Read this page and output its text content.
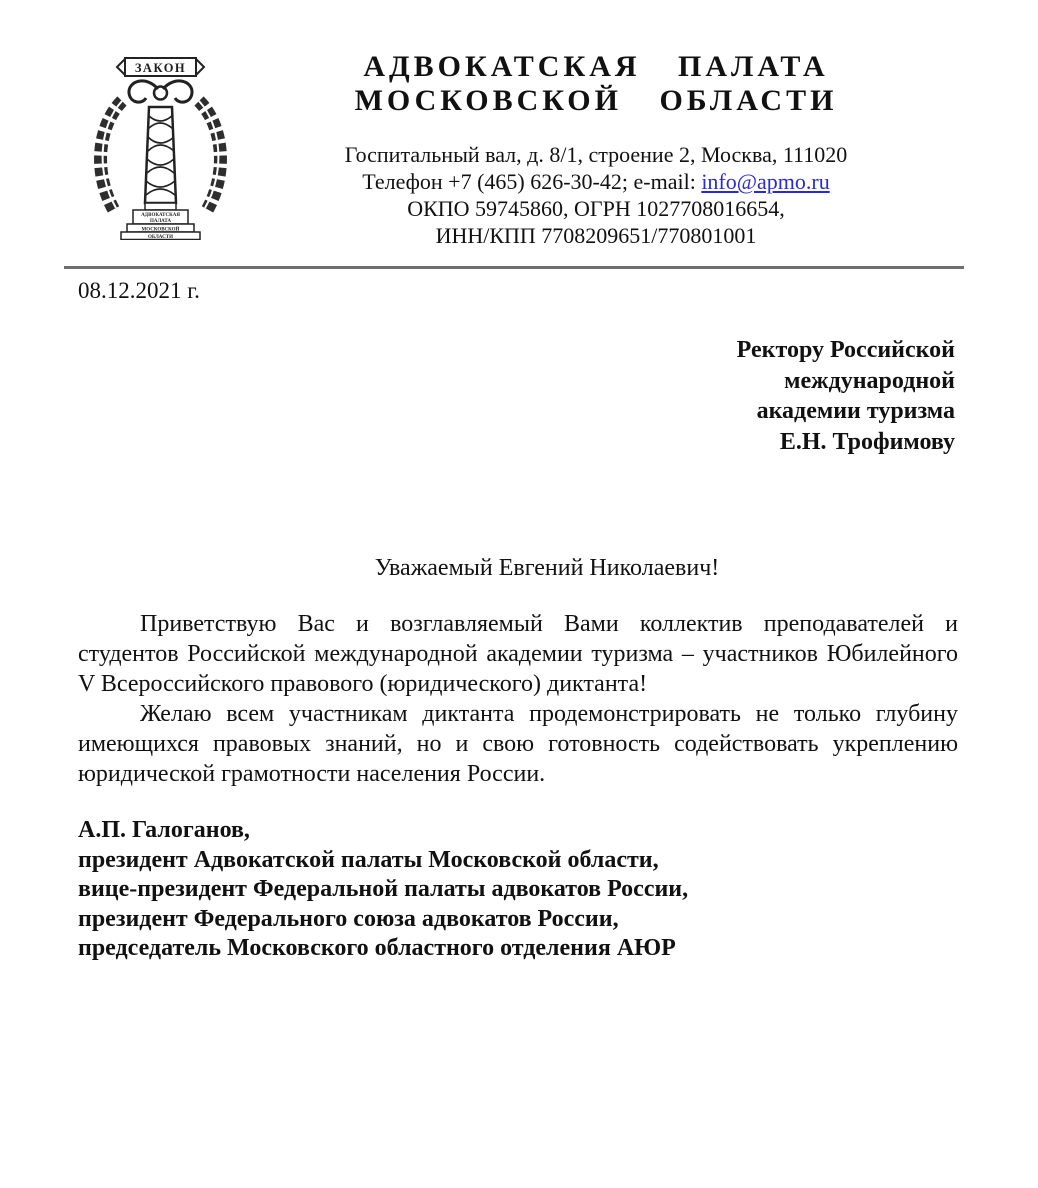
ЗАКОН
АДВОКАТСКАЯ
ПАЛАТА
МОСКОВСКОЙ
ОБЛАСТИ
АДВОКАТСКАЯ ПАЛАТА
МОСКОВСКОЙ ОБЛАСТИ
Госпитальный вал, д. 8/1, строение 2, Москва, 111020
Телефон +7 (465) 626-30-42; e-mail: info@apmo.ru
ОКПО 59745860, ОГРН 1027708016654,
ИНН/КПП 7708209651/770801001
08.12.2021 г.
Ректору Российской
международной
академии туризма
Е.Н. Трофимову
Уважаемый Евгений Николаевич!

Приветствую Вас и возглавляемый Вами коллектив преподавателей и студентов Российской международной академии туризма – участников Юбилейного V Всероссийского правового (юридического) диктанта!

Желаю всем участникам диктанта продемонстрировать не только глубину имеющихся правовых знаний, но и свою готовность содействовать укреплению юридической грамотности населения России.

А.П. Галоганов,
президент Адвокатской палаты Московской области,
вице-президент Федеральной палаты адвокатов России,
президент Федерального союза адвокатов России,
председатель Московского областного отделения АЮР
